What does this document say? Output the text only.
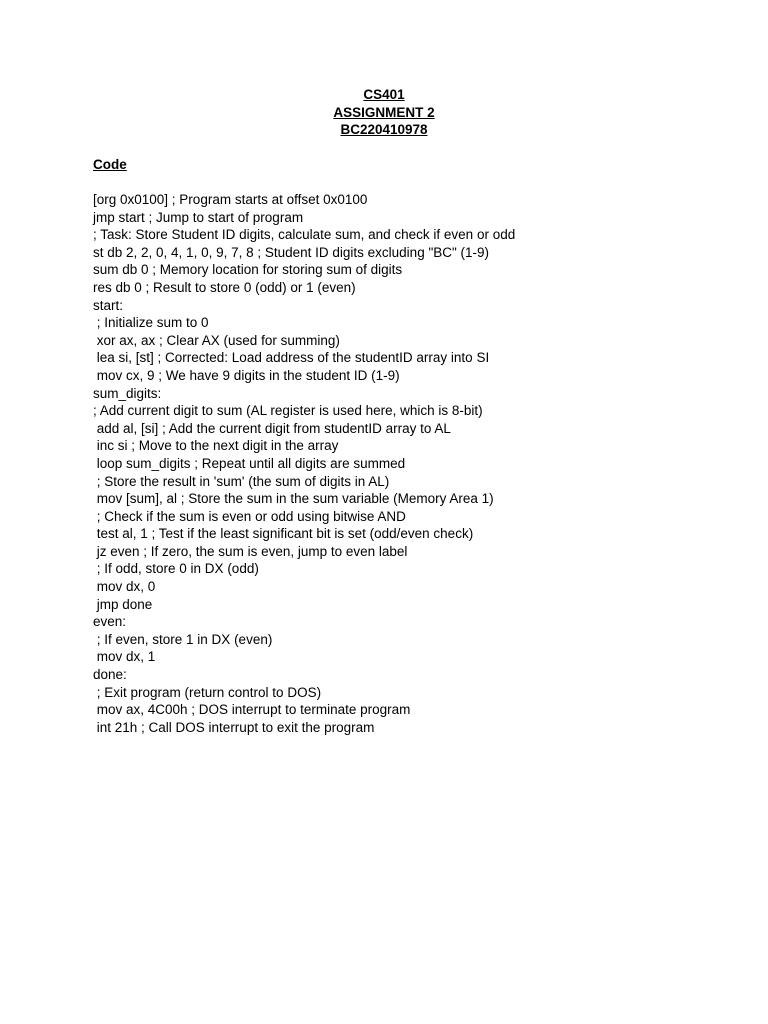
CS401
ASSIGNMENT 2
BC220410978
Code
[org 0x0100] ; Program starts at offset 0x0100
jmp start ; Jump to start of program
; Task: Store Student ID digits, calculate sum, and check if even or odd
st db 2, 2, 0, 4, 1, 0, 9, 7, 8 ; Student ID digits excluding "BC" (1-9)
sum db 0 ; Memory location for storing sum of digits
res db 0 ; Result to store 0 (odd) or 1 (even)
start:
; Initialize sum to 0
xor ax, ax ; Clear AX (used for summing)
lea si, [st] ; Corrected: Load address of the studentID array into SI
mov cx, 9 ; We have 9 digits in the student ID (1-9)
sum_digits:
; Add current digit to sum (AL register is used here, which is 8-bit)
add al, [si] ; Add the current digit from studentID array to AL
inc si ; Move to the next digit in the array
loop sum_digits ; Repeat until all digits are summed
; Store the result in 'sum' (the sum of digits in AL)
mov [sum], al ; Store the sum in the sum variable (Memory Area 1)
; Check if the sum is even or odd using bitwise AND
test al, 1 ; Test if the least significant bit is set (odd/even check)
jz even ; If zero, the sum is even, jump to even label
; If odd, store 0 in DX (odd)
mov dx, 0
jmp done
even:
; If even, store 1 in DX (even)
mov dx, 1
done:
; Exit program (return control to DOS)
mov ax, 4C00h ; DOS interrupt to terminate program
int 21h ; Call DOS interrupt to exit the program
